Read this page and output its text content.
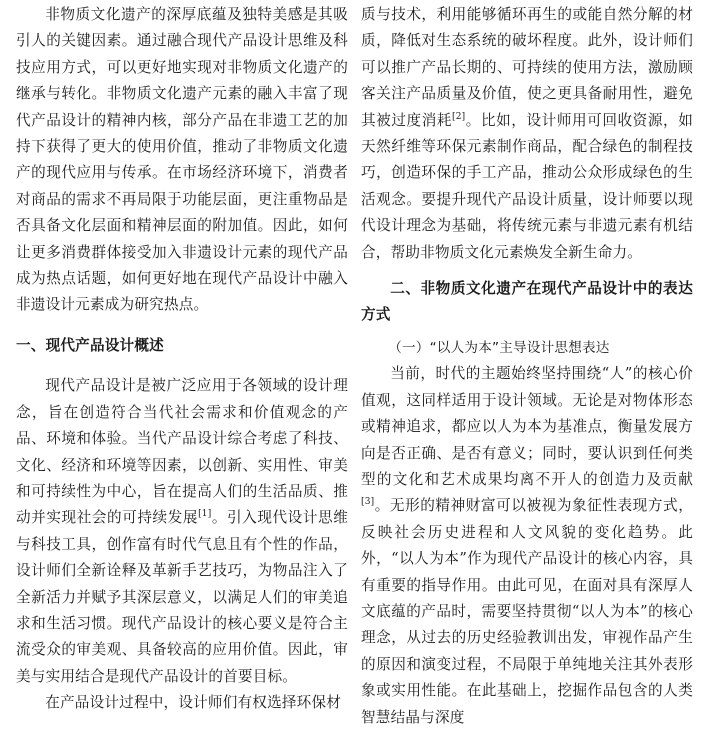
非物质文化遗产的深厚底蕴及独特美感是其吸引人的关键因素。通过融合现代产品设计思维及科技应用方式，可以更好地实现对非物质文化遗产的继承与转化。非物质文化遗产元素的融入丰富了现代产品设计的精神内核，部分产品在非遗工艺的加持下获得了更大的使用价值，推动了非物质文化遗产的现代应用与传承。在市场经济环境下，消费者对商品的需求不再局限于功能层面，更注重物品是否具备文化层面和精神层面的附加值。因此，如何让更多消费群体接受加入非遗设计元素的现代产品成为热点话题，如何更好地在现代产品设计中融入非遗设计元素成为研究热点。

一、现代产品设计概述

现代产品设计是被广泛应用于各领域的设计理念，旨在创造符合当代社会需求和价值观念的产品、环境和体验。当代产品设计综合考虑了科技、文化、经济和环境等因素，以创新、实用性、审美和可持续性为中心，旨在提高人们的生活品质、推动并实现社会的可持续发展[1]。引入现代设计思维与科技工具，创作富有时代气息且有个性的作品，设计师们全新诠释及革新手艺技巧，为物品注入了全新活力并赋予其深层意义，以满足人们的审美追求和生活习惯。现代产品设计的核心要义是符合主流受众的审美观、具备较高的应用价值。因此，审美与实用结合是现代产品设计的首要目标。

在产品设计过程中，设计师们有权选择环保材

质与技术，利用能够循环再生的或能自然分解的材质，降低对生态系统的破坏程度。此外，设计师们可以推广产品长期的、可持续的使用方法，激励顾客关注产品质量及价值，使之更具备耐用性，避免其被过度消耗[2]。比如，设计师用可回收资源，如天然纤维等环保元素制作商品，配合绿色的制程技巧，创造环保的手工产品，推动公众形成绿色的生活观念。要提升现代产品设计质量，设计师要以现代设计理念为基础，将传统元素与非遗元素有机结合，帮助非物质文化元素焕发全新生命力。

二、非物质文化遗产在现代产品设计中的表达方式
（一）“以人为本”主导设计思想表达

当前，时代的主题始终坚持围绕“人”的核心价值观，这同样适用于设计领域。无论是对物体形态或精神追求，都应以人为本为基准点，衡量发展方向是否正确、是否有意义；同时，要认识到任何类型的文化和艺术成果均离不开人的创造力及贡献[3]。无形的精神财富可以被视为象征性表现方式，反映社会历史进程和人文风貌的变化趋势。此外，“以人为本”作为现代产品设计的核心内容，具有重要的指导作用。由此可见，在面对具有深厚人文底蕴的产品时，需要坚持贯彻“以人为本”的核心理念，从过去的历史经验教训出发，审视作品产生的原因和演变过程，不局限于单纯地关注其外表形象或实用性能。在此基础上，挖掘作品包含的人类智慧结晶与深度
